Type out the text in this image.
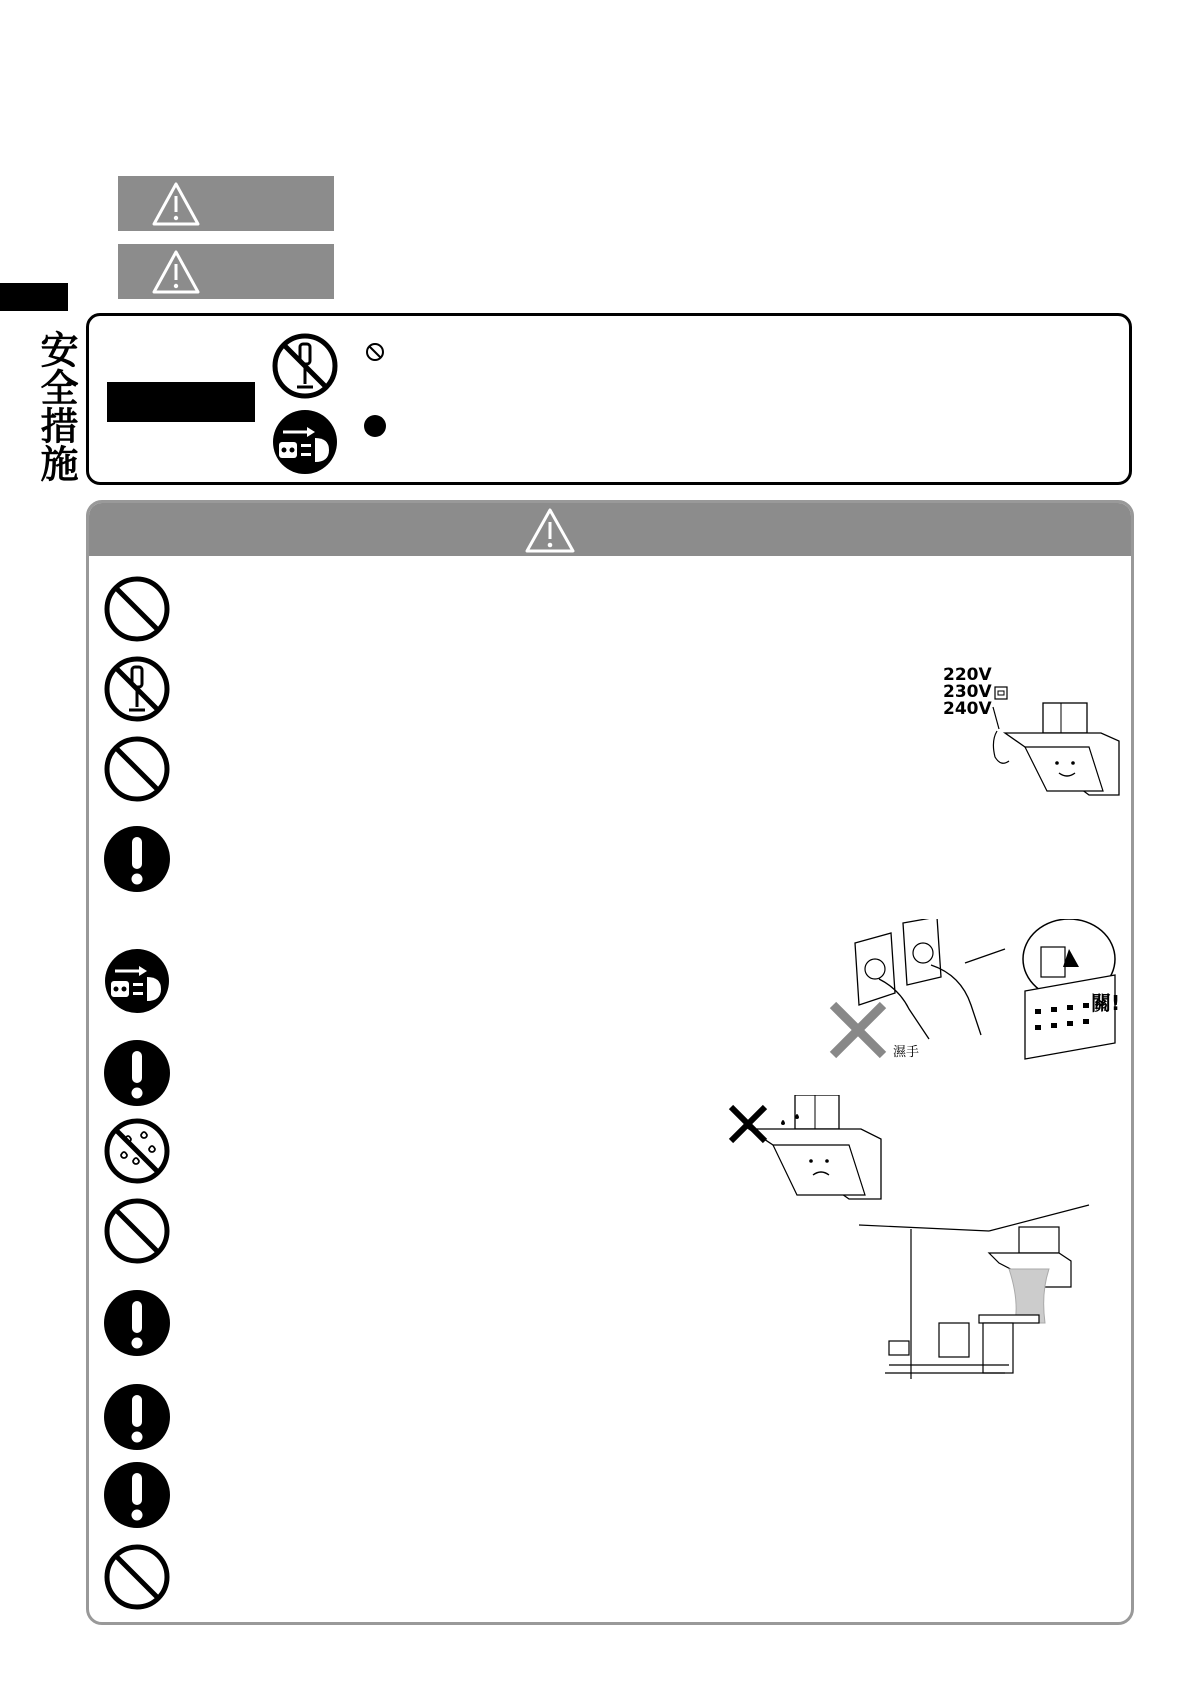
安全措施
220V
230V
240V
濕手
關!
